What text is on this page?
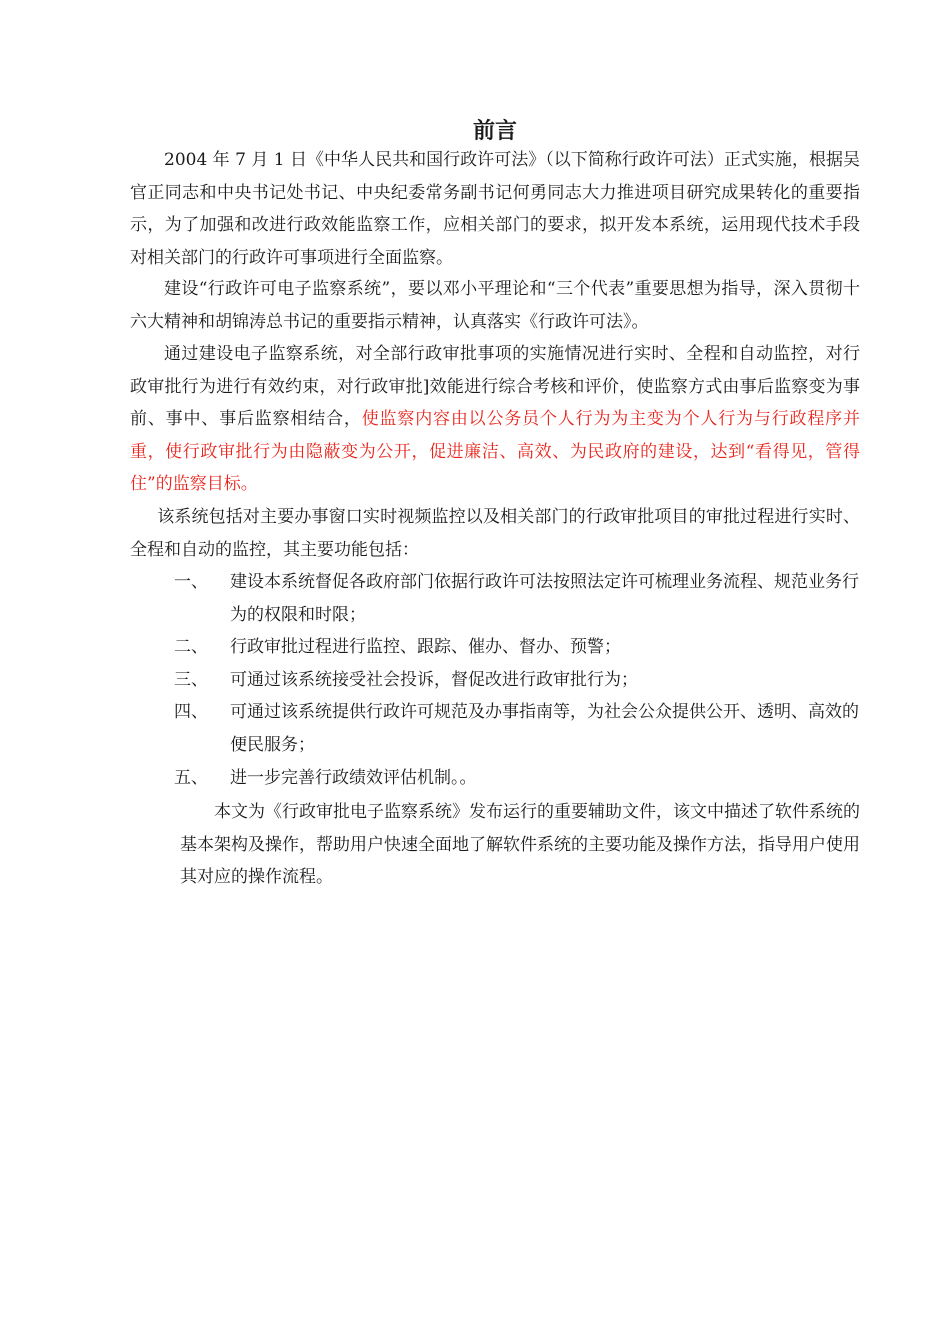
前言

2004 年 7 月 1 日《中华人民共和国行政许可法》（以下简称行政许可法）正式实施，根据吴官正同志和中央书记处书记、中央纪委常务副书记何勇同志大力推进项目研究成果转化的重要指示，为了加强和改进行政效能监察工作，应相关部门的要求，拟开发本系统，运用现代技术手段对相关部门的行政许可事项进行全面监察。

建设“行政许可电子监察系统”，要以邓小平理论和“三个代表”重要思想为指导，深入贯彻十六大精神和胡锦涛总书记的重要指示精神，认真落实《行政许可法》。

通过建设电子监察系统，对全部行政审批事项的实施情况进行实时、全程和自动监控，对行政审批行为进行有效约束，对行政审批]效能进行综合考核和评价，使监察方式由事后监察变为事前、事中、事后监察相结合，使监察内容由以公务员个人行为为主变为个人行为与行政程序并重，使行政审批行为由隐蔽变为公开，促进廉洁、高效、为民政府的建设，达到“看得见，管得住”的监察目标。

该系统包括对主要办事窗口实时视频监控以及相关部门的行政审批项目的审批过程进行实时、全程和自动的监控，其主要功能包括：

一、 建设本系统督促各政府部门依据行政许可法按照法定许可梳理业务流程、规范业务行为的权限和时限；
二、 行政审批过程进行监控、跟踪、催办、督办、预警；
三、 可通过该系统接受社会投诉，督促改进行政审批行为；
四、 可通过该系统提供行政许可规范及办事指南等，为社会公众提供公开、透明、高效的便民服务；
五、 进一步完善行政绩效评估机制。。

本文为《行政审批电子监察系统》发布运行的重要辅助文件，该文中描述了软件系统的基本架构及操作，帮助用户快速全面地了解软件系统的主要功能及操作方法，指导用户使用其对应的操作流程。
